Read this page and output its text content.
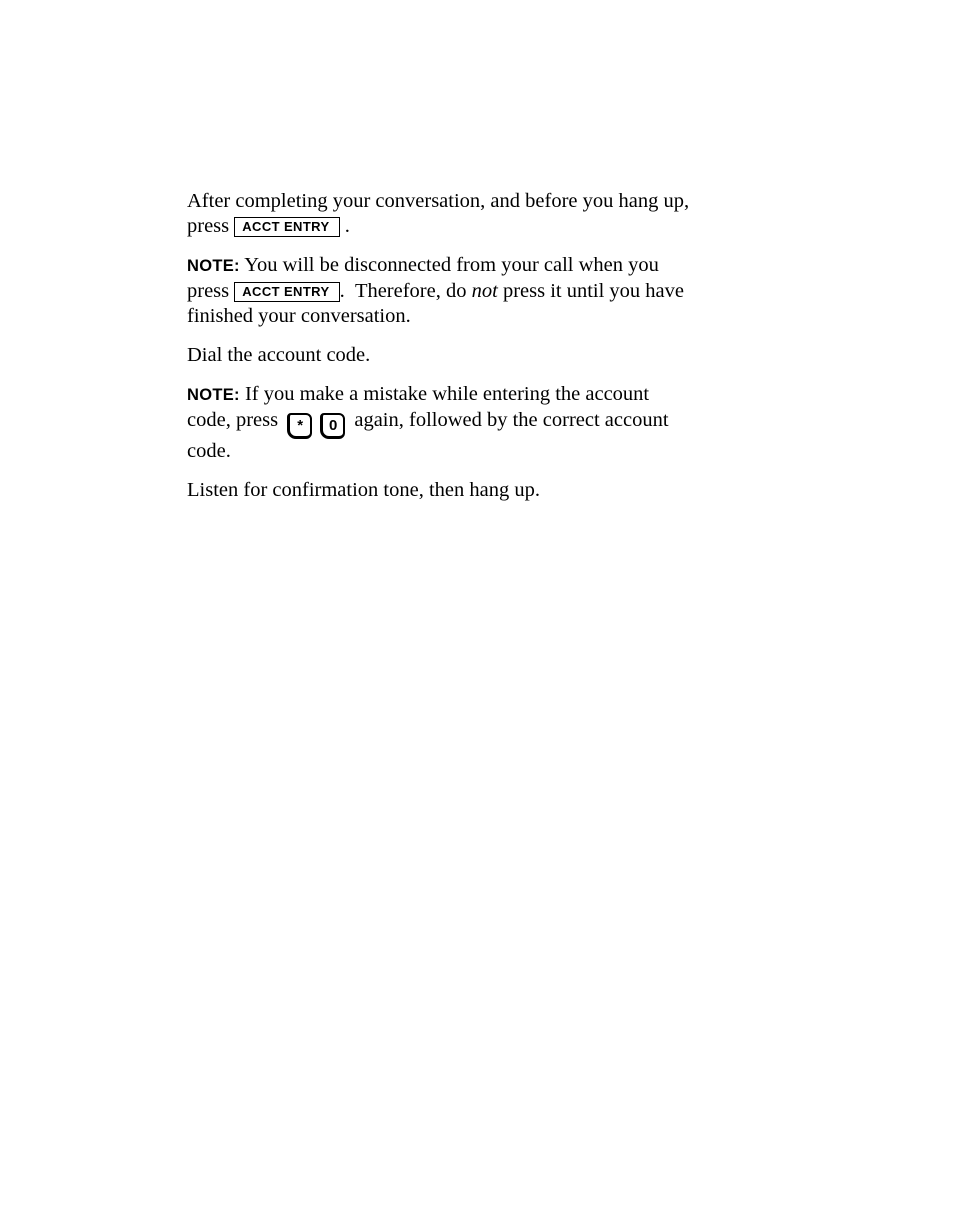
After completing your conversation, and before you hang up,
press ACCT ENTRY .

NOTE: You will be disconnected from your call when you
press ACCT ENTRY . Therefore, do not press it until you have
finished your conversation.

Dial the account code.

NOTE: If you make a mistake while entering the account
code, press * 0 again, followed by the correct account
code.

Listen for confirmation tone, then hang up.
